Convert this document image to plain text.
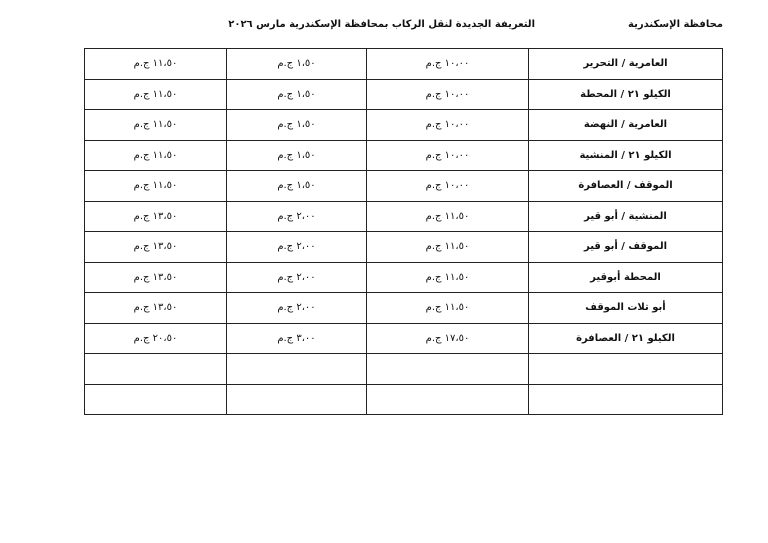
محافظة الإسكندرية
التعريفة الجديدة لنقل الركاب بمحافظة الإسكندرية مارس ٢٠٢٦
العامرية / التحرير	١٠،٠٠ ج.م	١،٥٠ ج.م	١١،٥٠ ج.م
الكيلو ٢١ / المحطة	١٠،٠٠ ج.م	١،٥٠ ج.م	١١،٥٠ ج.م
العامرية / النهضة	١٠،٠٠ ج.م	١،٥٠ ج.م	١١،٥٠ ج.م
الكيلو ٢١ / المنشية	١٠،٠٠ ج.م	١،٥٠ ج.م	١١،٥٠ ج.م
الموقف / العصافرة	١٠،٠٠ ج.م	١،٥٠ ج.م	١١،٥٠ ج.م
المنشية / أبو قير	١١،٥٠ ج.م	٢،٠٠ ج.م	١٣،٥٠ ج.م
الموقف / أبو قير	١١،٥٠ ج.م	٢،٠٠ ج.م	١٣،٥٠ ج.م
المحطة أبوقير	١١،٥٠ ج.م	٢،٠٠ ج.م	١٣،٥٠ ج.م
أبو تلات الموقف	١١،٥٠ ج.م	٢،٠٠ ج.م	١٣،٥٠ ج.م
الكيلو ٢١ / العصافرة	١٧،٥٠ ج.م	٣،٠٠ ج.م	٢٠،٥٠ ج.م
